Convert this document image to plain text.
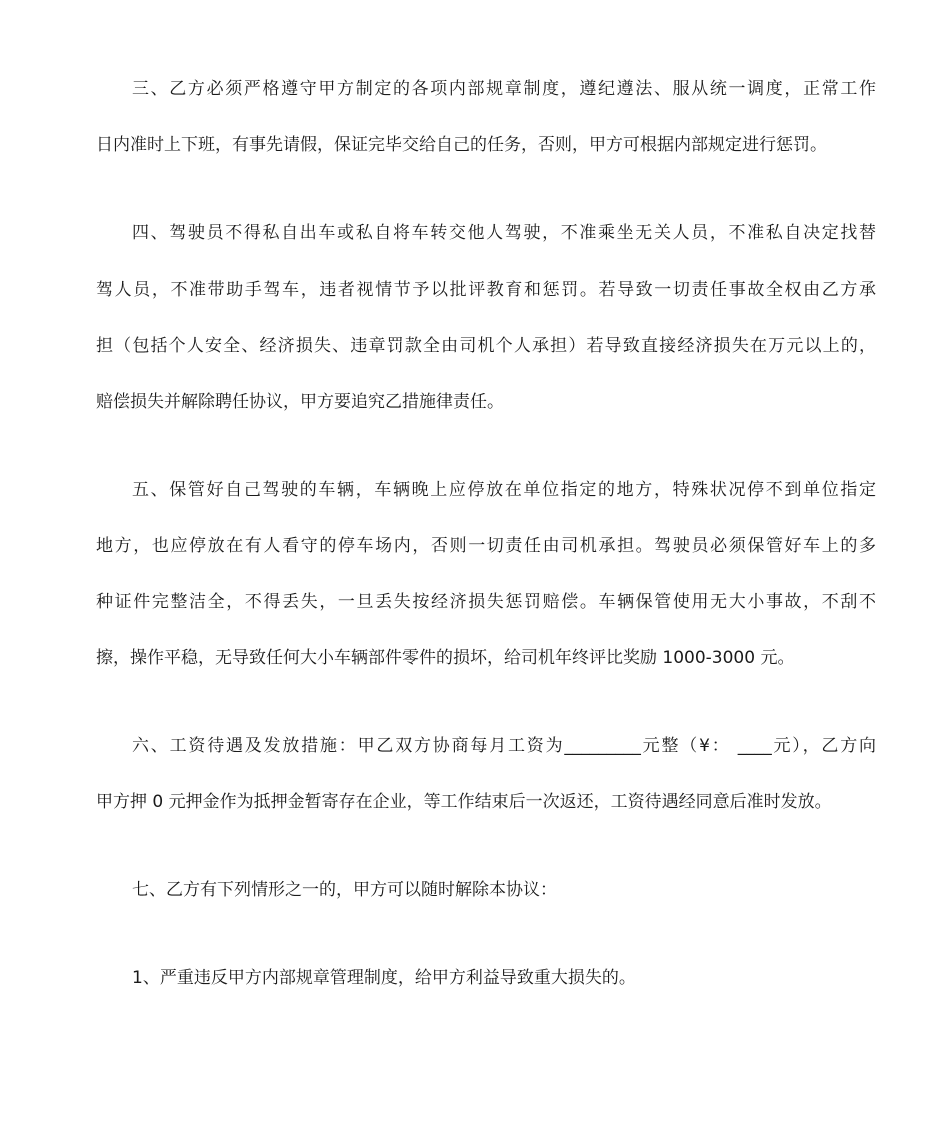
三、乙方必须严格遵守甲方制定的各项内部规章制度，遵纪遵法、服从统一调度，正常工作
日内准时上下班，有事先请假，保证完毕交给自己的任务，否则，甲方可根据内部规定进行惩罚。
四、驾驶员不得私自出车或私自将车转交他人驾驶，不准乘坐无关人员，不准私自决定找替
驾人员，不准带助手驾车，违者视情节予以批评教育和惩罚。若导致一切责任事故全权由乙方承
担（包括个人安全、经济损失、违章罚款全由司机个人承担）若导致直接经济损失在万元以上的，
赔偿损失并解除聘任协议，甲方要追究乙措施律责任。
五、保管好自己驾驶的车辆，车辆晚上应停放在单位指定的地方，特殊状况停不到单位指定
地方，也应停放在有人看守的停车场内，否则一切责任由司机承担。驾驶员必须保管好车上的多
种证件完整洁全，不得丢失，一旦丢失按经济损失惩罚赔偿。车辆保管使用无大小事故，不刮不
擦，操作平稳，无导致任何大小车辆部件零件的损坏，给司机年终评比奖励 1000-3000 元。
六、工资待遇及发放措施：甲乙双方协商每月工资为_________元整（¥： ____元），乙方向
甲方押 0 元押金作为抵押金暂寄存在企业，等工作结束后一次返还，工资待遇经同意后准时发放。
七、乙方有下列情形之一的，甲方可以随时解除本协议：
1、严重违反甲方内部规章管理制度，给甲方利益导致重大损失的。
